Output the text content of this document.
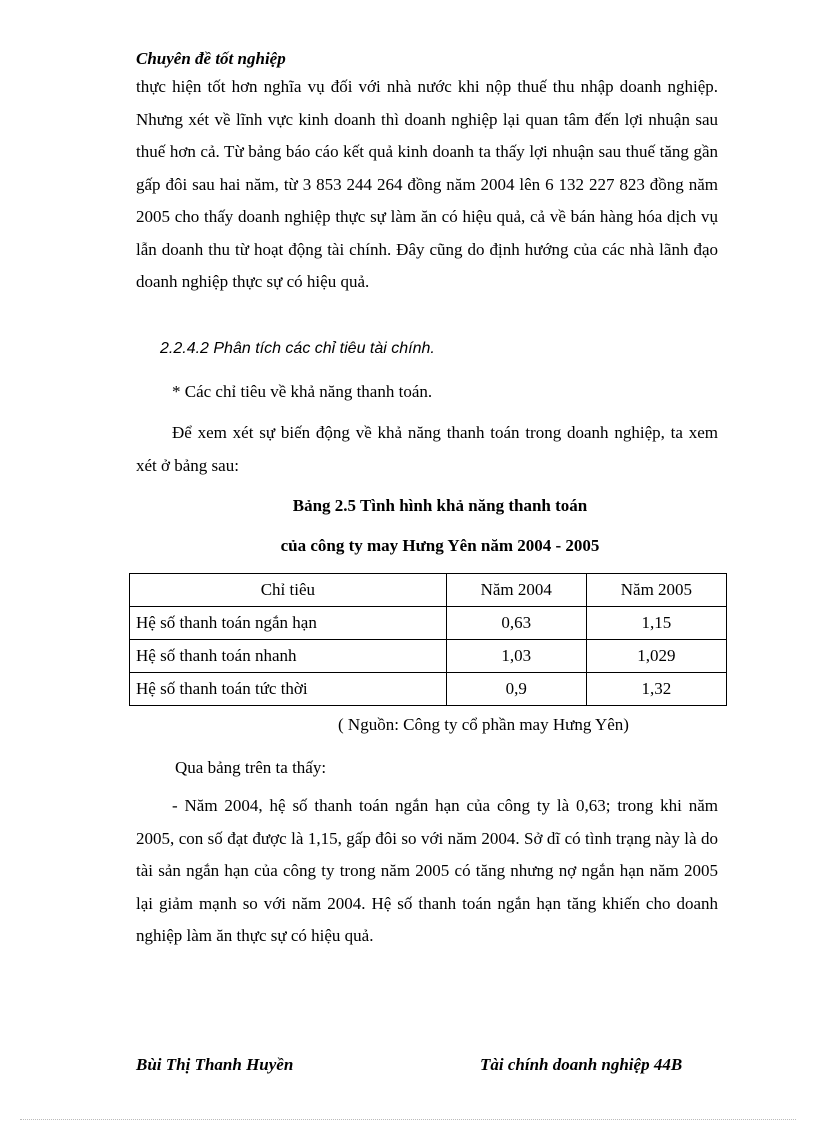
Chuyên đề tốt nghiệp

thực hiện tốt hơn nghĩa vụ đối với nhà nước khi nộp thuế thu nhập doanh nghiệp. Nhưng xét về lĩnh vực kinh doanh thì doanh nghiệp lại quan tâm đến lợi nhuận sau thuế hơn cả. Từ bảng báo cáo kết quả kinh doanh ta thấy lợi nhuận sau thuế tăng gần gấp đôi sau hai năm, từ 3 853 244 264 đồng năm 2004 lên 6 132 227 823 đồng năm 2005 cho thấy doanh nghiệp thực sự làm ăn có hiệu quả, cả về bán hàng hóa dịch vụ lẫn doanh thu từ hoạt động tài chính. Đây cũng do định hướng của các nhà lãnh đạo doanh nghiệp thực sự có hiệu quả.

2.2.4.2 Phân tích các chỉ tiêu tài chính.
* Các chỉ tiêu về khả năng thanh toán.

Để xem xét sự biến động về khả năng thanh toán trong doanh nghiệp, ta xem xét ở bảng sau:

Bảng 2.5 Tình hình khả năng thanh toán
của công ty may Hưng Yên năm 2004 - 2005
Chỉ tiêu	Năm 2004	Năm 2005
Hệ số thanh toán ngắn hạn	0,63	1,15
Hệ số thanh toán nhanh	1,03	1,029
Hệ số thanh toán tức thời	0,9	1,32
( Nguồn: Công ty cổ phần may Hưng Yên)
Qua bảng trên ta thấy:

- Năm 2004, hệ số thanh toán ngắn hạn của công ty là 0,63; trong khi năm 2005, con số đạt được là 1,15, gấp đôi so với năm 2004. Sở dĩ có tình trạng này là do tài sản ngắn hạn của công ty trong năm 2005 có tăng nhưng nợ ngắn hạn năm 2005 lại giảm mạnh so với năm 2004. Hệ số thanh toán ngắn hạn tăng khiến cho doanh nghiệp làm ăn thực sự có hiệu quả.

Bùi Thị Thanh Huyền	Tài chính doanh nghiệp 44B
